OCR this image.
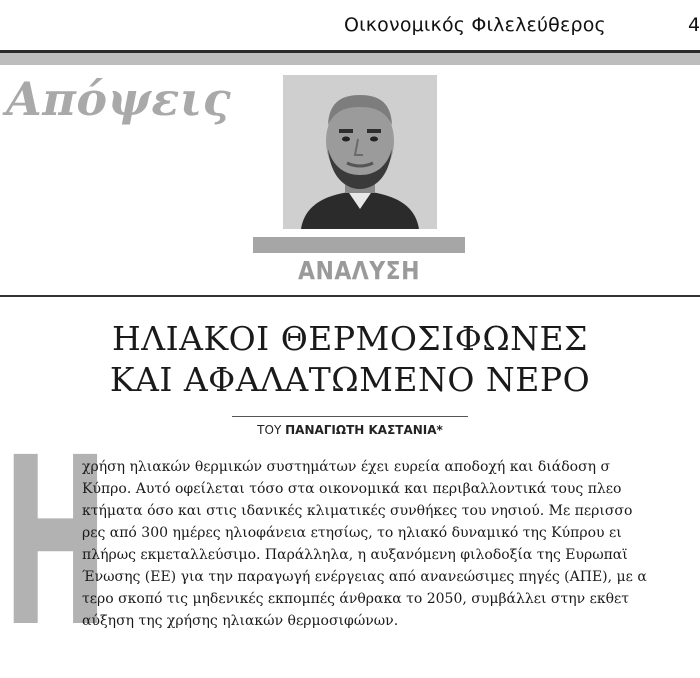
Οικονομικός Φιλελεύθερος	4
Απόψεις
ΑΝΑΛΥΣΗ
ΗΛΙΑΚΟΙ ΘΕΡΜΟΣΙΦΩΝΕΣ
ΚΑΙ ΑΦΑΛΑΤΩΜΕΝΟ ΝΕΡΟ
ΤΟΥ ΠΑΝΑΓΙΩΤΗ ΚΑΣΤΑΝΙΑ*
Η
χρήση ηλιακών θερμικών συστημάτων έχει ευρεία αποδοχή και διάδοση σ
Κύπρο. Αυτό οφείλεται τόσο στα οικονομικά και περιβαλλοντικά τους πλεο
κτήματα όσο και στις ιδανικές κλιματικές συνθήκες του νησιού. Με περισσο
ρες από 300 ημέρες ηλιοφάνεια ετησίως, το ηλιακό δυναμικό της Κύπρου ει
πλήρως εκμεταλλεύσιμο. Παράλληλα, η αυξανόμενη φιλοδοξία της Ευρωπαϊ
Ένωσης (ΕΕ) για την παραγωγή ενέργειας από ανανεώσιμες πηγές (ΑΠΕ), με α
τερο σκοπό τις μηδενικές εκπομπές άνθρακα το 2050, συμβάλλει στην εκθετ
αύξηση της χρήσης ηλιακών θερμοσιφώνων.
